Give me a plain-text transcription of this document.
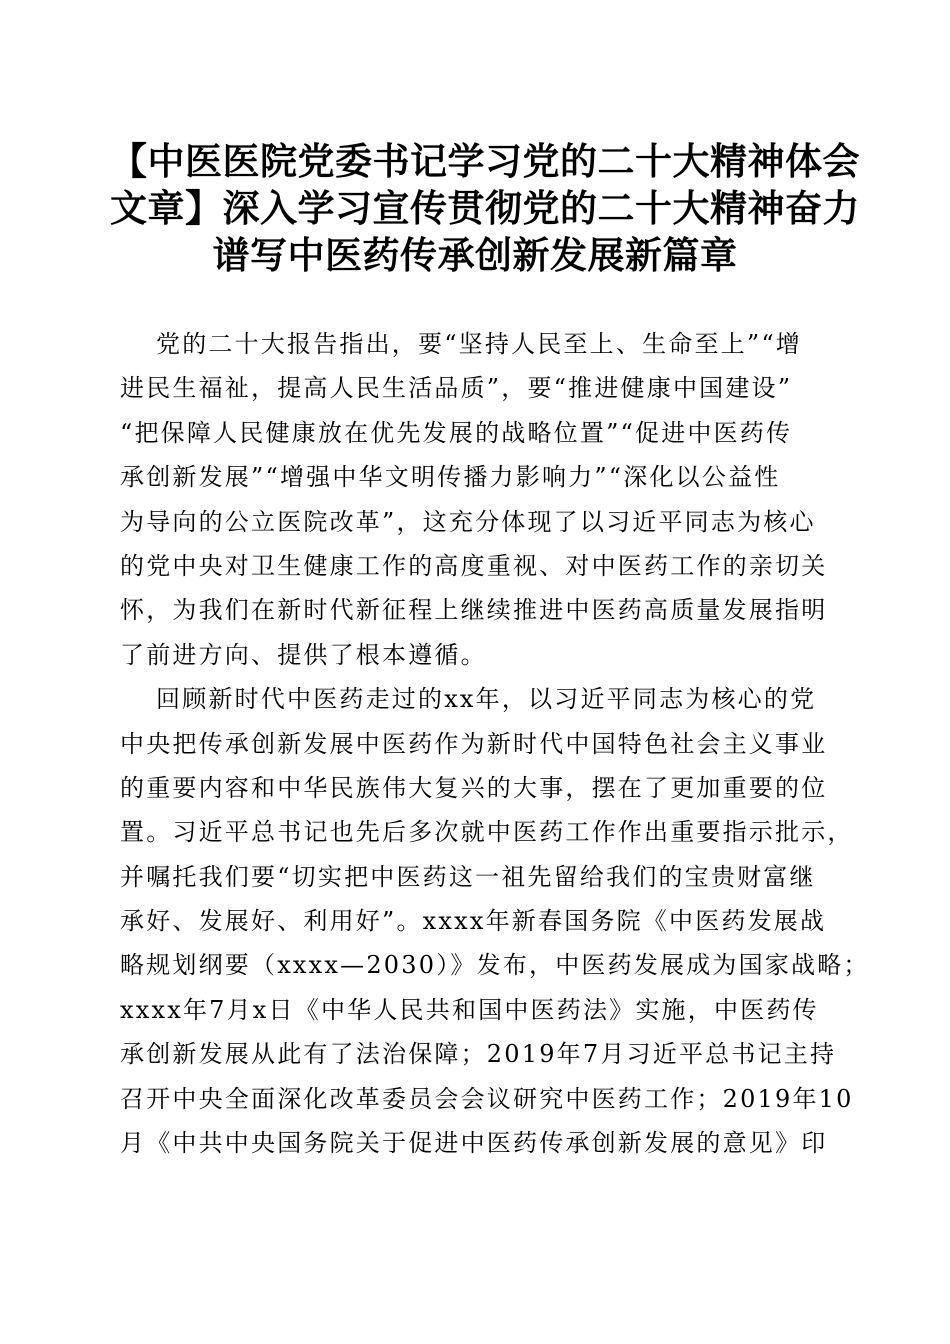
【中医医院党委书记学习党的二十大精神体会
文章】深入学习宣传贯彻党的二十大精神奋力
谱写中医药传承创新发展新篇章
党的二十大报告指出，要“坚持人民至上、生命至上”“增
进民生福祉，提高人民生活品质”，要“推进健康中国建设”
“把保障人民健康放在优先发展的战略位置”“促进中医药传
承创新发展”“增强中华文明传播力影响力”“深化以公益性
为导向的公立医院改革”，这充分体现了以习近平同志为核心
的党中央对卫生健康工作的高度重视、对中医药工作的亲切关
怀，为我们在新时代新征程上继续推进中医药高质量发展指明
了前进方向、提供了根本遵循。
回顾新时代中医药走过的xx年，以习近平同志为核心的党
中央把传承创新发展中医药作为新时代中国特色社会主义事业
的重要内容和中华民族伟大复兴的大事，摆在了更加重要的位
置。习近平总书记也先后多次就中医药工作作出重要指示批示，
并嘱托我们要“切实把中医药这一祖先留给我们的宝贵财富继
承好、发展好、利用好”。xxxx年新春国务院《中医药发展战
略规划纲要（xxxx—2030）》发布，中医药发展成为国家战略；
xxxx年7月x日《中华人民共和国中医药法》实施，中医药传
承创新发展从此有了法治保障；2019年7月习近平总书记主持
召开中央全面深化改革委员会会议研究中医药工作；2019年10
月《中共中央国务院关于促进中医药传承创新发展的意见》印
